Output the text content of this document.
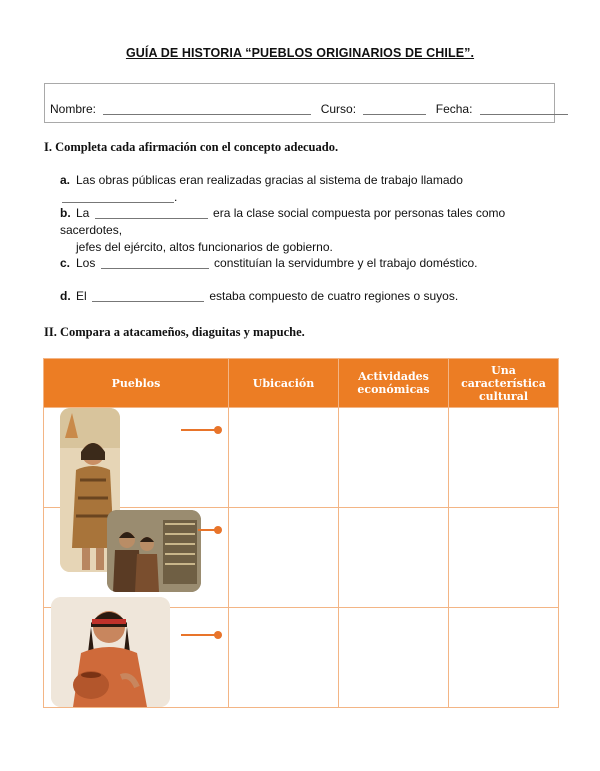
GUÍA DE HISTORIA “PUEBLOS ORIGINARIOS DE CHILE”.
Nombre:	Curso:	Fecha:
I. Completa cada afirmación con el concepto adecuado.
a. Las obras públicas eran realizadas gracias al sistema de trabajo llamado .
b. La	era la clase social compuesta por personas tales como sacerdotes,
jefes del ejército, altos funcionarios de gobierno.
c. Los	constituían la servidumbre y el trabajo doméstico.
d. El	estaba compuesto de cuatro regiones o suyos.
II. Compara a atacameños, diaguitas y mapuche.
Pueblos	Ubicación	Actividades económicas	Una característica cultural
